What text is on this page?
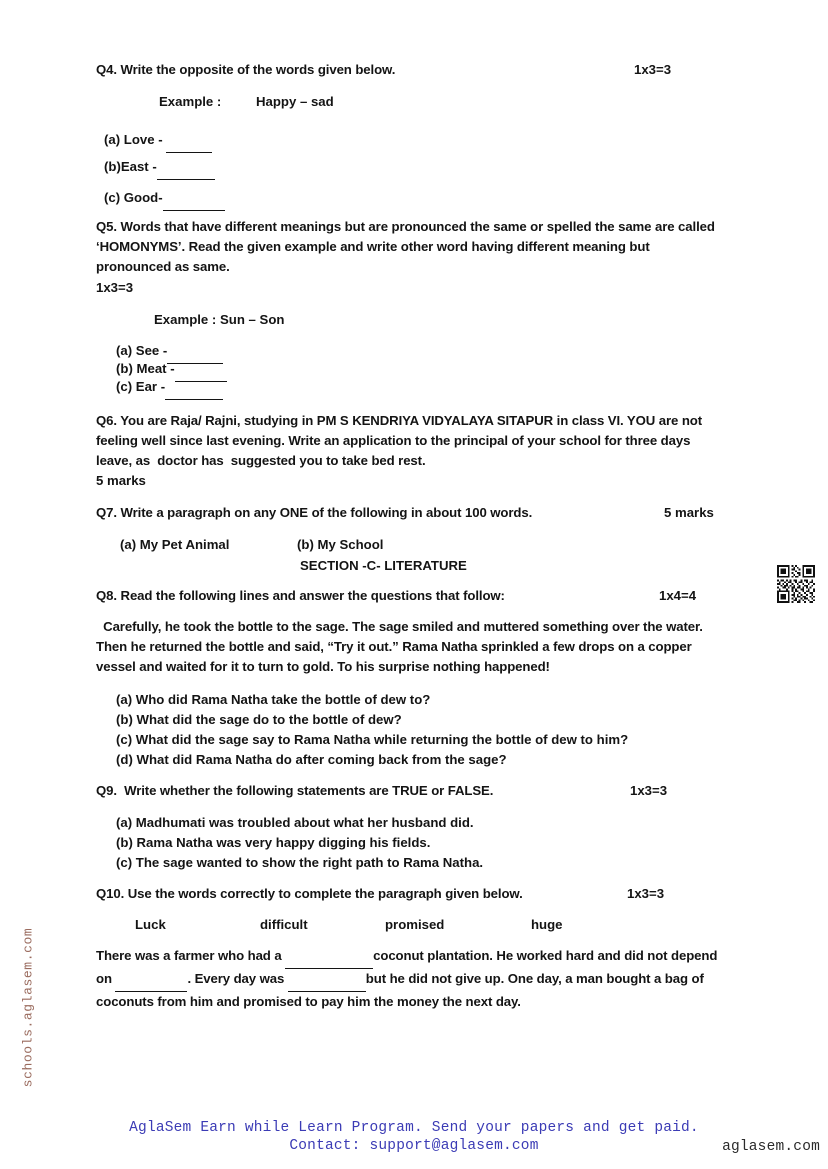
Q4. Write the opposite of the words given below.	1x3=3
Example :	Happy – sad
(a) Love -
(b)East -
(c) Good-
Q5. Words that have different meanings but are pronounced the same or spelled the same are called ‘HOMONYMS’. Read the given example and write other word having different meaning but pronounced as same.
1x3=3
Example : Sun – Son
(a) See -
(b) Meat -
(c) Ear -
Q6. You are Raja/ Rajni, studying in PM S KENDRIYA VIDYALAYA SITAPUR in class VI. YOU are not feeling well since last evening. Write an application to the principal of your school for three days leave, as  doctor has  suggested you to take bed rest.
5 marks
Q7. Write a paragraph on any ONE of the following in about 100 words.	5 marks
(a) My Pet Animal	(b) My School
SECTION -C- LITERATURE
Q8. Read the following lines and answer the questions that follow:	1x4=4
Carefully, he took the bottle to the sage. The sage smiled and muttered something over the water. Then he returned the bottle and said, “Try it out.” Rama Natha sprinkled a few drops on a copper vessel and waited for it to turn to gold. To his surprise nothing happened!
(a) Who did Rama Natha take the bottle of dew to?
(b) What did the sage do to the bottle of dew?
(c) What did the sage say to Rama Natha while returning the bottle of dew to him?
(d) What did Rama Natha do after coming back from the sage?
Q9.  Write whether the following statements are TRUE or FALSE.	1x3=3
(a) Madhumati was troubled about what her husband did.
(b) Rama Natha was very happy digging his fields.
(c) The sage wanted to show the right path to Rama Natha.
Q10. Use the words correctly to complete the paragraph given below.	1x3=3
Luck	difficult	promised	huge
There was a farmer who had a	coconut plantation. He worked hard and did not depend on	. Every day was	but he did not give up. One day, a man bought a bag of coconuts from him and promised to pay him the money the next day.
schools.aglasem.com
AglaSem Earn while Learn Program. Send your papers and get paid.
Contact: support@aglasem.com	aglasem.com
